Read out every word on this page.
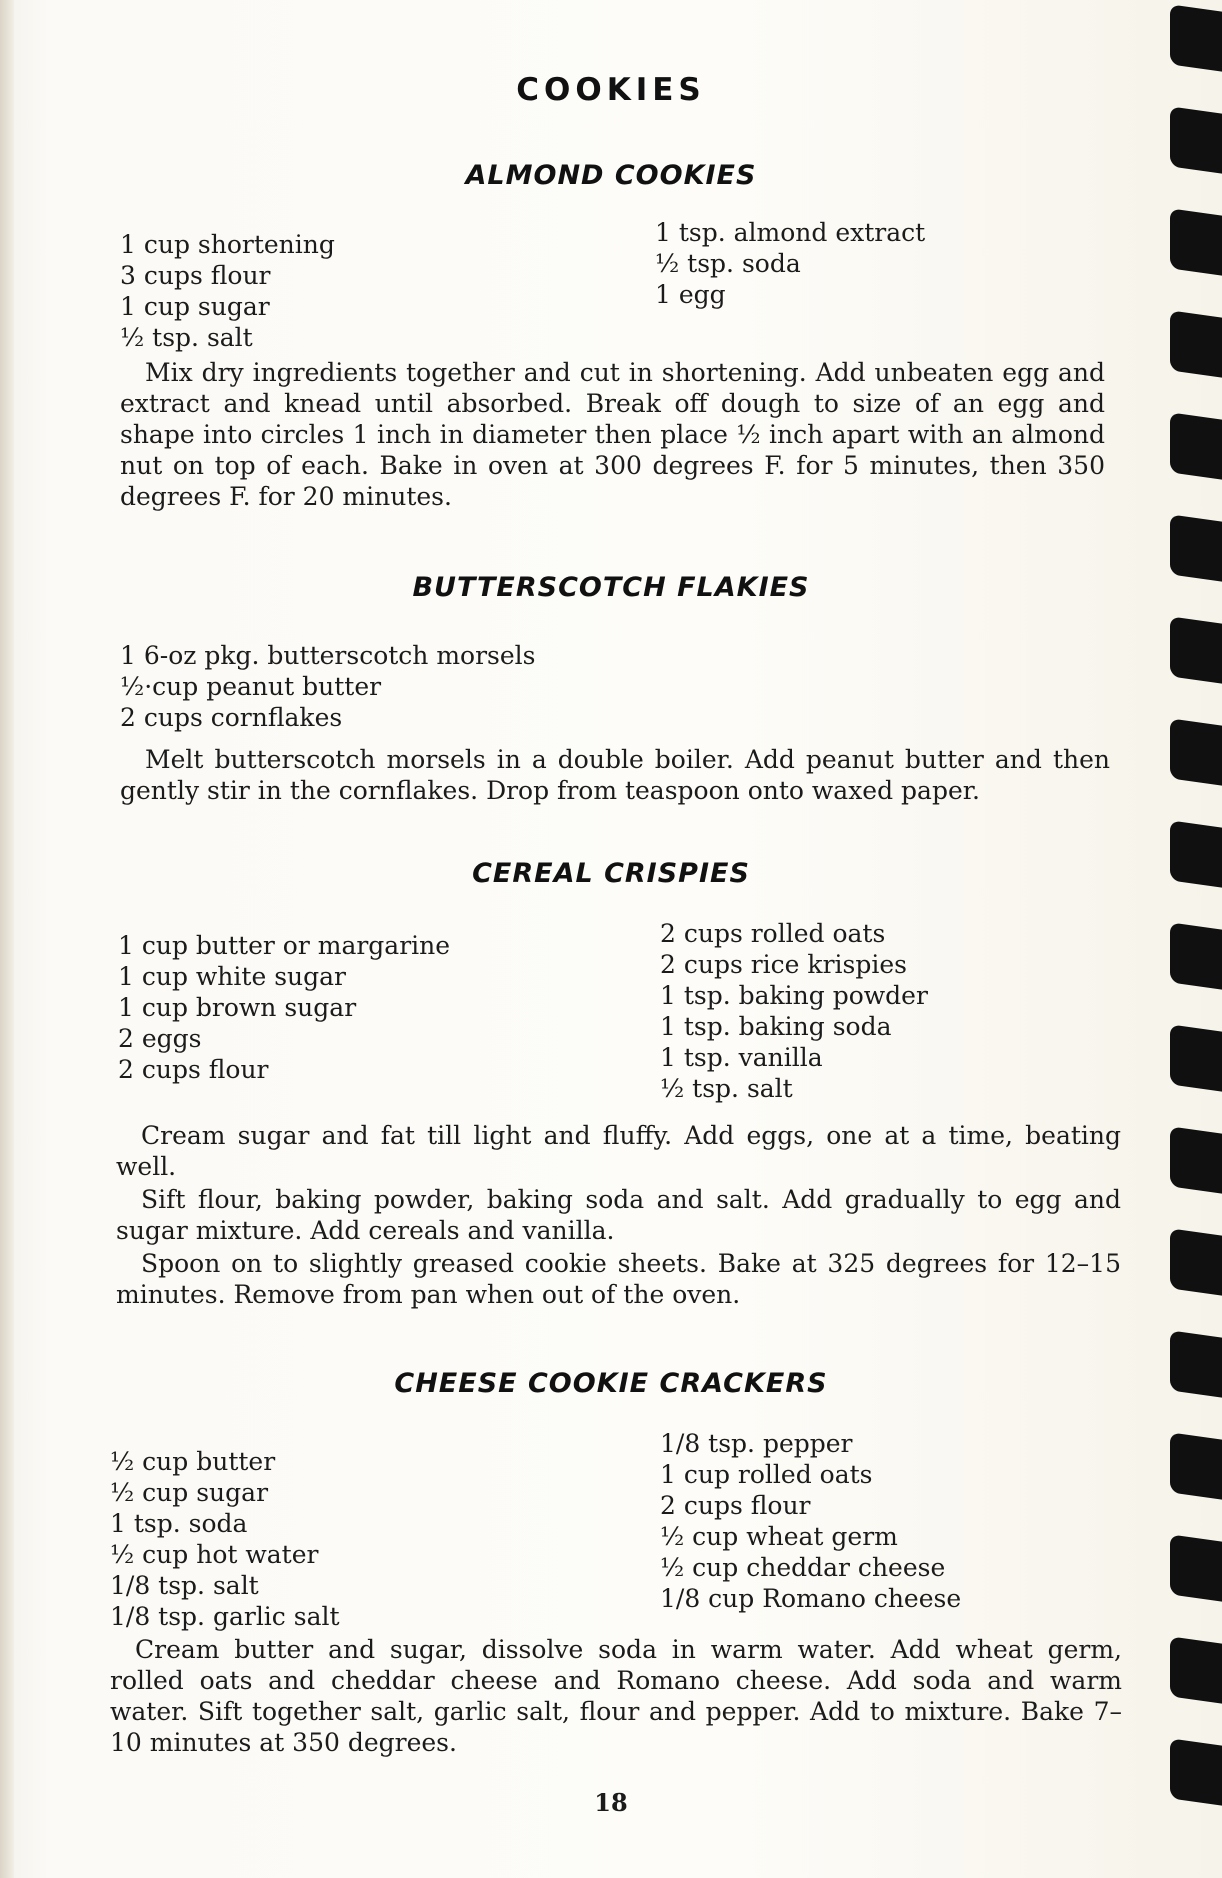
COOKIES
ALMOND COOKIES
1 cup shortening
3 cups flour
1 cup sugar
½ tsp. salt
1 tsp. almond extract
½ tsp. soda
1 egg

Mix dry ingredients together and cut in shortening. Add unbeaten egg and extract and knead until absorbed. Break off dough to size of an egg and shape into circles 1 inch in diameter then place ½ inch apart with an almond nut on top of each. Bake in oven at 300 degrees F. for 5 minutes, then 350 degrees F. for 20 minutes.

BUTTERSCOTCH FLAKIES
1 6-oz pkg. butterscotch morsels
½·cup peanut butter
2 cups cornflakes

Melt butterscotch morsels in a double boiler. Add peanut butter and then gently stir in the cornflakes. Drop from teaspoon onto waxed paper.

CEREAL CRISPIES
1 cup butter or margarine
1 cup white sugar
1 cup brown sugar
2 eggs
2 cups flour
2 cups rolled oats
2 cups rice krispies
1 tsp. baking powder
1 tsp. baking soda
1 tsp. vanilla
½ tsp. salt

Cream sugar and fat till light and fluffy. Add eggs, one at a time, beating well.

Sift flour, baking powder, baking soda and salt. Add gradually to egg and sugar mixture. Add cereals and vanilla.

Spoon on to slightly greased cookie sheets. Bake at 325 degrees for 12–15 minutes. Remove from pan when out of the oven.

CHEESE COOKIE CRACKERS
½ cup butter
½ cup sugar
1 tsp. soda
½ cup hot water
1/8 tsp. salt
1/8 tsp. garlic salt
1/8 tsp. pepper
1 cup rolled oats
2 cups flour
½ cup wheat germ
½ cup cheddar cheese
1/8 cup Romano cheese

Cream butter and sugar, dissolve soda in warm water. Add wheat germ, rolled oats and cheddar cheese and Romano cheese. Add soda and warm water. Sift together salt, garlic salt, flour and pepper. Add to mixture. Bake 7–10 minutes at 350 degrees.

18
